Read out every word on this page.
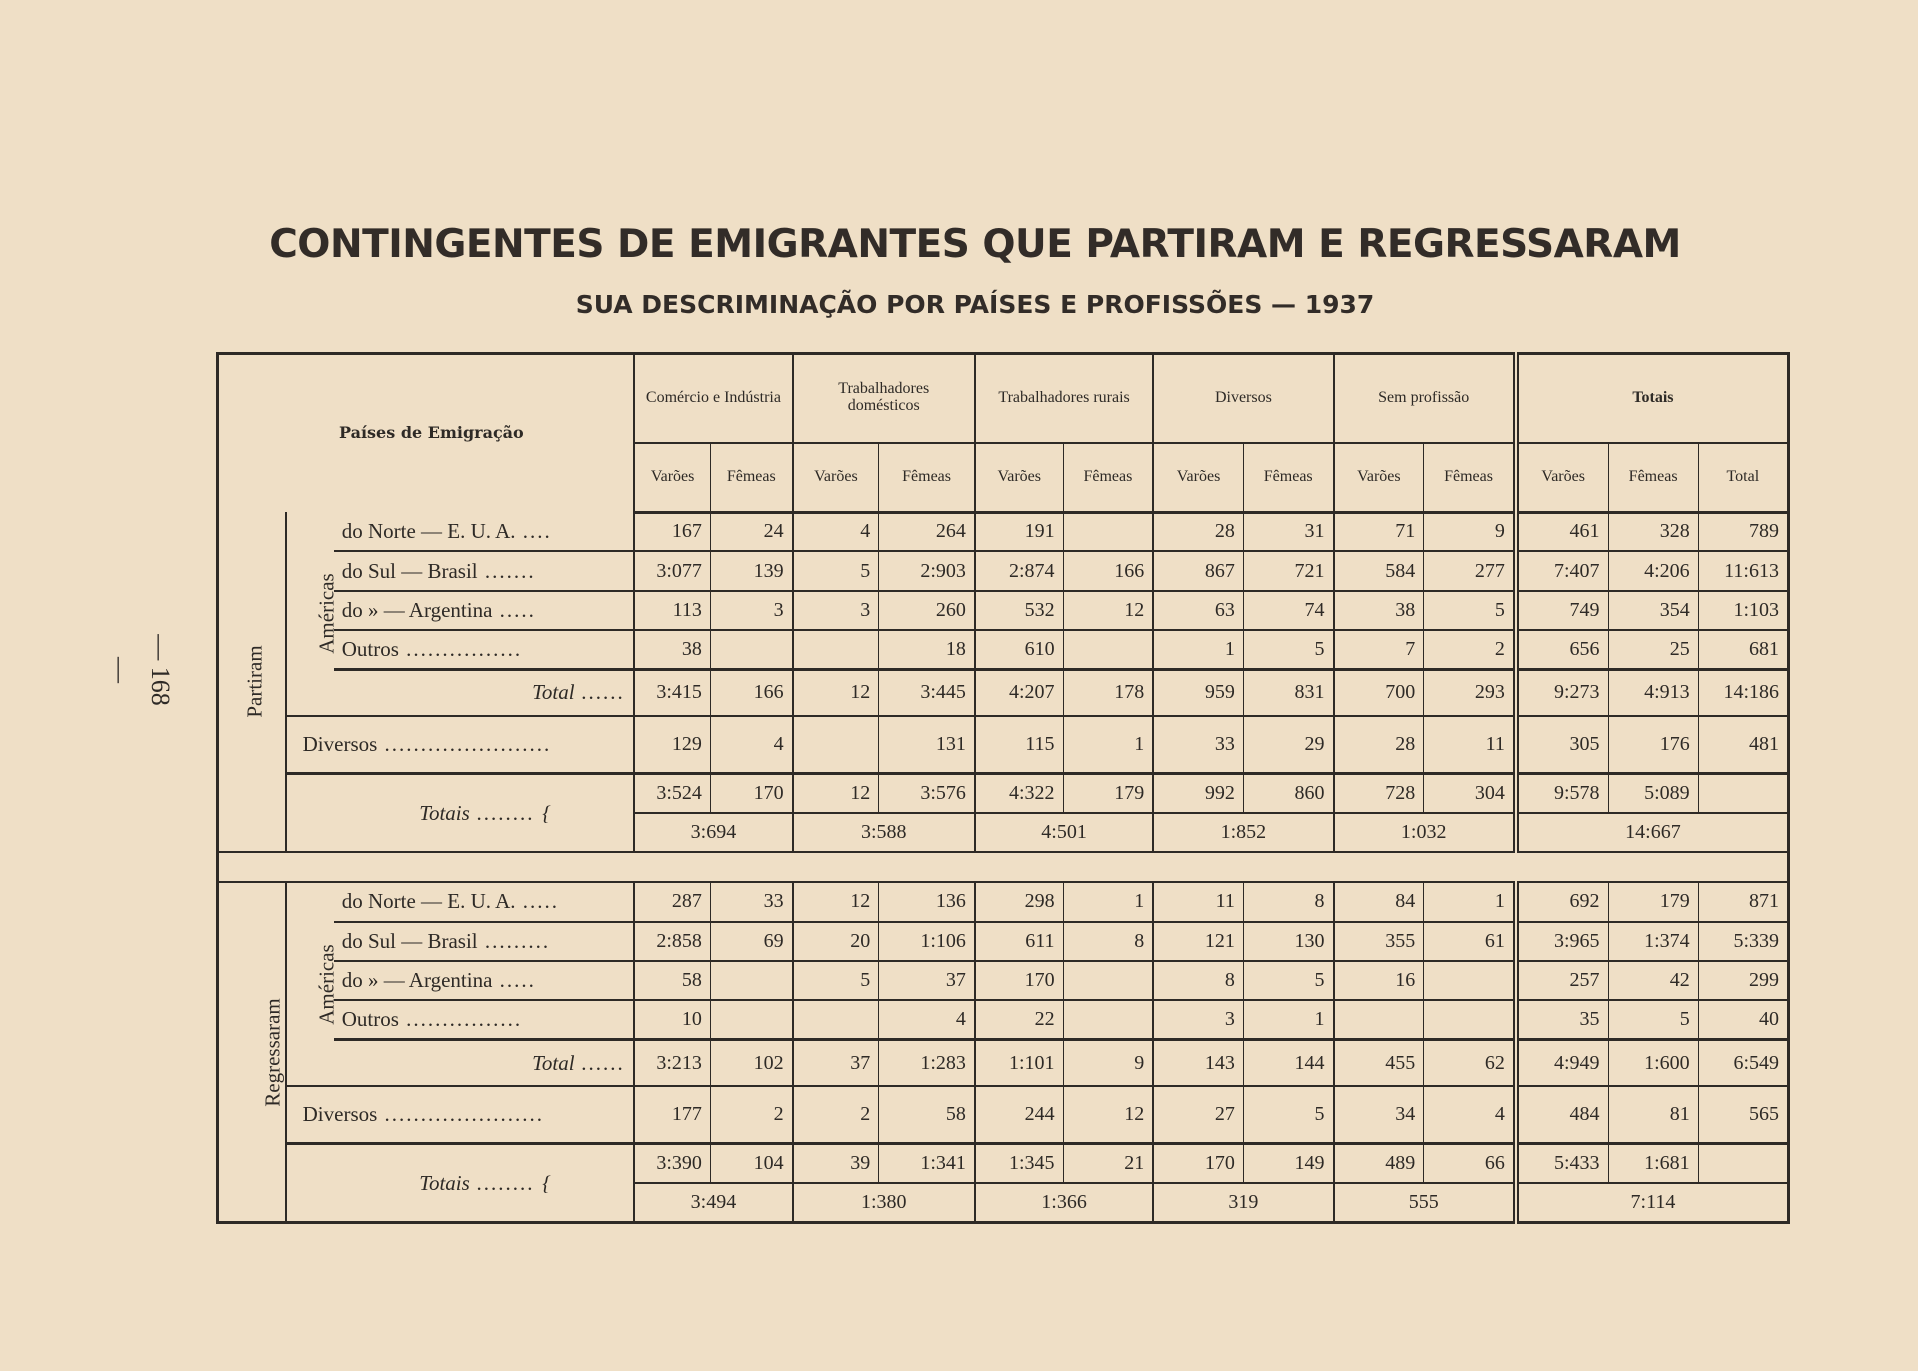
— 168 —
CONTINGENTES DE EMIGRANTES QUE PARTIRAM E REGRESSARAM
SUA DESCRIMINAÇÃO POR PAÍSES E PROFISSÕES — 1937
Países de Emigração			Comércio e Indústria		Trabalhadores domésticos		Trabalhadores rurais		Diversos		Sem profissão		Totais		
			Varões	Fêmeas	Varões	Fêmeas	Varões	Fêmeas	Varões	Fêmeas	Varões	Fêmeas	Varões	Fêmeas	Total
Partiram	Américas	do Norte — E. U. A. ....	167	24	4	264	191		28	31	71	9	461	328	789
		do Sul — Brasil .......	3:077	139	5	2:903	2:874	166	867	721	584	277	7:407	4:206	11:613
		do » — Argentina .....	113	3	3	260	532	12	63	74	38	5	749	354	1:103
		Outros ................	38			18	610		1	5	7	2	656	25	681
		Total ......	3:415	166	12	3:445	4:207	178	959	831	700	293	9:273	4:913	14:186
	Diversos .......................		129	4		131	115	1	33	29	28	11	305	176	481
	Totais ........ {		3:524	170	12	3:576	4:322	179	992	860	728	304	9:578	5:089	
			3:694		3:588		4:501		1:852		1:032		14:667		

Regressaram	Américas	do Norte — E. U. A. .....	287	33	12	136	298	1	11	8	84	1	692	179	871
		do Sul — Brasil .........	2:858	69	20	1:106	611	8	121	130	355	61	3:965	1:374	5:339
		do » — Argentina .....	58		5	37	170		8	5	16		257	42	299
		Outros ................	10			4	22		3	1			35	5	40
		Total ......	3:213	102	37	1:283	1:101	9	143	144	455	62	4:949	1:600	6:549
	Diversos ......................		177	2	2	58	244	12	27	5	34	4	484	81	565
	Totais ........ {		3:390	104	39	1:341	1:345	21	170	149	489	66	5:433	1:681	
			3:494		1:380		1:366		319		555		7:114		
